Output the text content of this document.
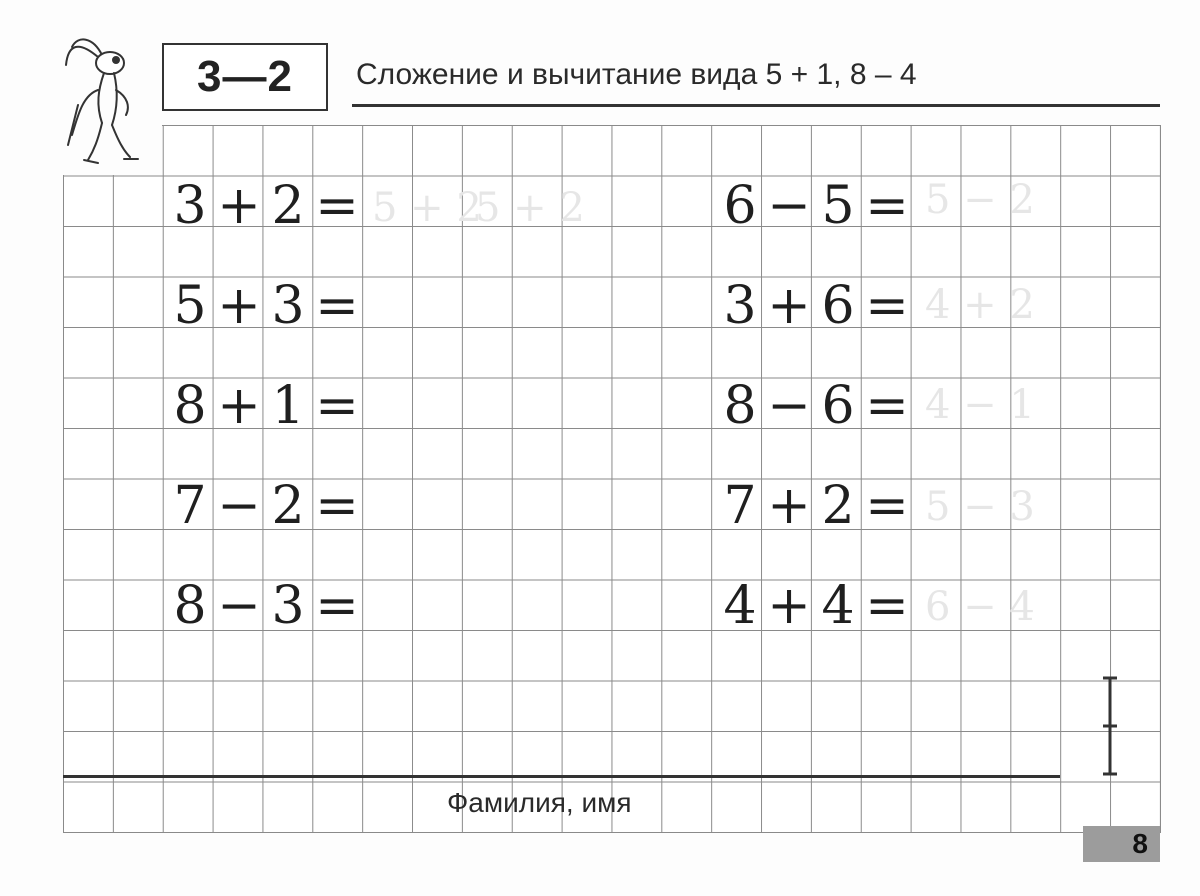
3—2 Сложение и вычитание вида 5 + 1, 8 – 4
5 + 2
5 + 2	5 − 2
4 + 2
4 − 1
5 − 3
6 − 4
3 + 2 =
5 + 3 =
8 + 1 =
7 − 2 =
8 − 3 =
6 − 5 =
3 + 6 =
8 − 6 =
7 + 2 =
4 + 4 =
Фамилия, имя
8
